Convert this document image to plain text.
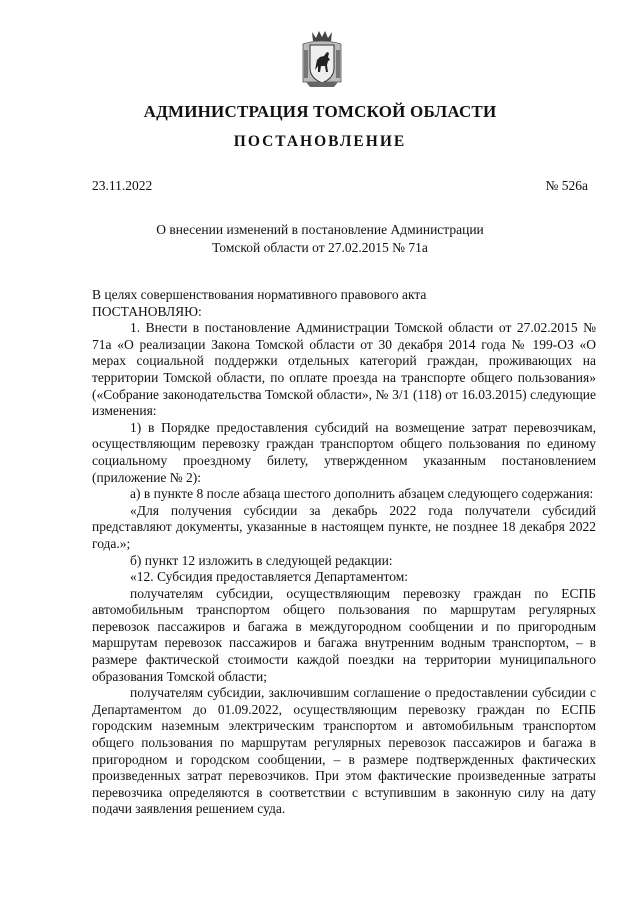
АДМИНИСТРАЦИЯ ТОМСКОЙ ОБЛАСТИ
ПОСТАНОВЛЕНИЕ
23.11.2022	№ 526а
О внесении изменений в постановление Администрации
Томской области от 27.02.2015 № 71а

В целях совершенствования нормативного правового акта

ПОСТАНОВЛЯЮ:

1. Внести в постановление Администрации Томской области от 27.02.2015 № 71а «О реализации Закона Томской области от 30 декабря 2014 года № 199-ОЗ «О мерах социальной поддержки отдельных категорий граждан, проживающих на территории Томской области, по оплате проезда на транспорте общего пользования» («Собрание законодательства Томской области», № 3/1 (118) от 16.03.2015) следующие изменения:

1) в Порядке предоставления субсидий на возмещение затрат перевозчикам, осуществляющим перевозку граждан транспортом общего пользования по единому социальному проездному билету, утвержденном указанным постановлением (приложение № 2):

а) в пункте 8 после абзаца шестого дополнить абзацем следующего содержания:

«Для получения субсидии за декабрь 2022 года получатели субсидий представляют документы, указанные в настоящем пункте, не позднее 18 декабря 2022 года.»;

б) пункт 12 изложить в следующей редакции:

«12. Субсидия предоставляется Департаментом:

получателям субсидии, осуществляющим перевозку граждан по ЕСПБ автомобильным транспортом общего пользования по маршрутам регулярных перевозок пассажиров и багажа в междугородном сообщении и по пригородным маршрутам перевозок пассажиров и багажа внутренним водным транспортом, – в размере фактической стоимости каждой поездки на территории муниципального образования Томской области;

получателям субсидии, заключившим соглашение о предоставлении субсидии с Департаментом до 01.09.2022, осуществляющим перевозку граждан по ЕСПБ городским наземным электрическим транспортом и автомобильным транспортом общего пользования по маршрутам регулярных перевозок пассажиров и багажа в пригородном и городском сообщении, – в размере подтвержденных фактических произведенных затрат перевозчиков. При этом фактические произведенные затраты перевозчика определяются в соответствии с вступившим в законную силу на дату подачи заявления решением суда.
